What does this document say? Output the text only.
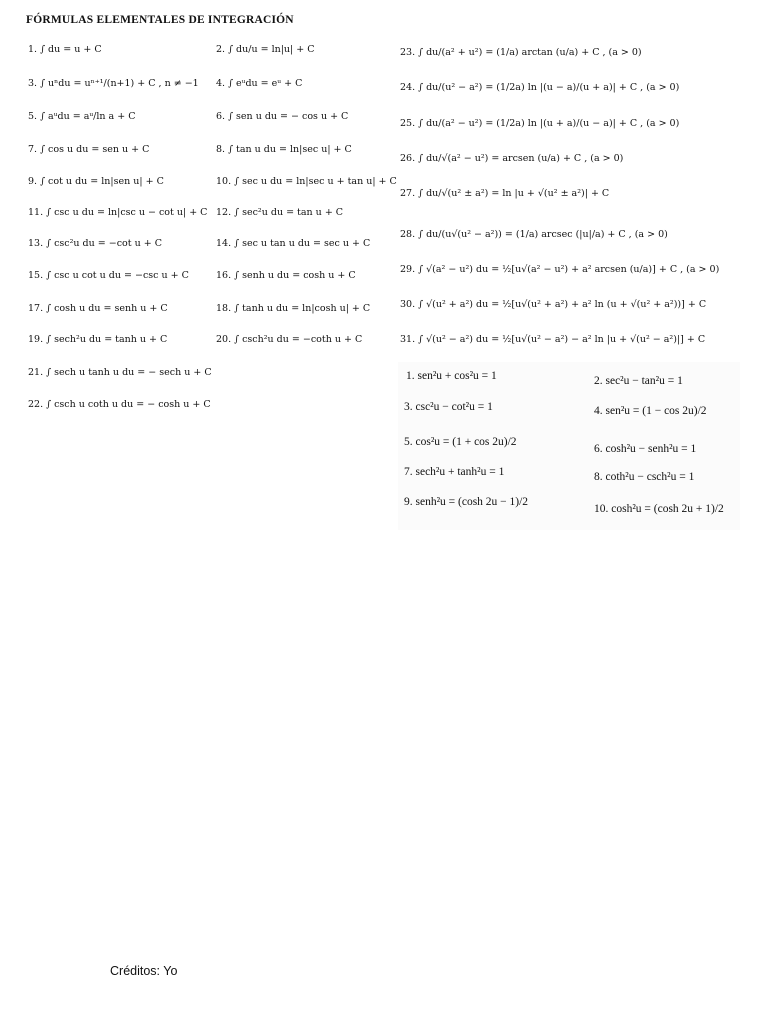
FÓRMULAS ELEMENTALES DE INTEGRACIÓN
1. ∫ du = u + C
3. ∫ uⁿdu = uⁿ⁺¹/(n+1) + C , n ≠ −1
5. ∫ aᵘdu = aᵘ/ln a + C
7. ∫ cos u du = sen u + C
9. ∫ cot u du = ln|sen u| + C
11. ∫ csc u du = ln|csc u − cot u| + C
13. ∫ csc²u du = −cot u + C
15. ∫ csc u cot u du = −csc u + C
17. ∫ cosh u du = senh u + C
19. ∫ sech²u du = tanh u + C
21. ∫ sech u tanh u du = − sech u + C
22. ∫ csch u coth u du = − cosh u + C
2. ∫ du/u = ln|u| + C
4. ∫ eᵘdu = eᵘ + C
6. ∫ sen u du = − cos u + C
8. ∫ tan u du = ln|sec u| + C
10. ∫ sec u du = ln|sec u + tan u| + C
12. ∫ sec²u du = tan u + C
14. ∫ sec u tan u du = sec u + C
16. ∫ senh u du = cosh u + C
18. ∫ tanh u du = ln|cosh u| + C
20. ∫ csch²u du = −coth u + C
23. ∫ du/(a² + u²) = (1/a) arctan (u/a) + C , (a > 0)
24. ∫ du/(u² − a²) = (1/2a) ln |(u − a)/(u + a)| + C , (a > 0)
25. ∫ du/(a² − u²) = (1/2a) ln |(u + a)/(u − a)| + C , (a > 0)
26. ∫ du/√(a² − u²) = arcsen (u/a) + C , (a > 0)
27. ∫ du/√(u² ± a²) = ln |u + √(u² ± a²)| + C
28. ∫ du/(u√(u² − a²)) = (1/a) arcsec (|u|/a) + C , (a > 0)
29. ∫ √(a² − u²) du = ½[u√(a² − u²) + a² arcsen (u/a)] + C , (a > 0)
30. ∫ √(u² + a²) du = ½[u√(u² + a²) + a² ln (u + √(u² + a²))] + C
31. ∫ √(u² − a²) du = ½[u√(u² − a²) − a² ln |u + √(u² − a²)|] + C
1. sen²u + cos²u = 1
3. csc²u − cot²u = 1
5. cos²u = (1 + cos 2u)/2
7. sech²u + tanh²u = 1
9. senh²u = (cosh 2u − 1)/2
2. sec²u − tan²u = 1
4. sen²u = (1 − cos 2u)/2
6. cosh²u − senh²u = 1
8. coth²u − csch²u = 1
10. cosh²u = (cosh 2u + 1)/2
Créditos: Yo
